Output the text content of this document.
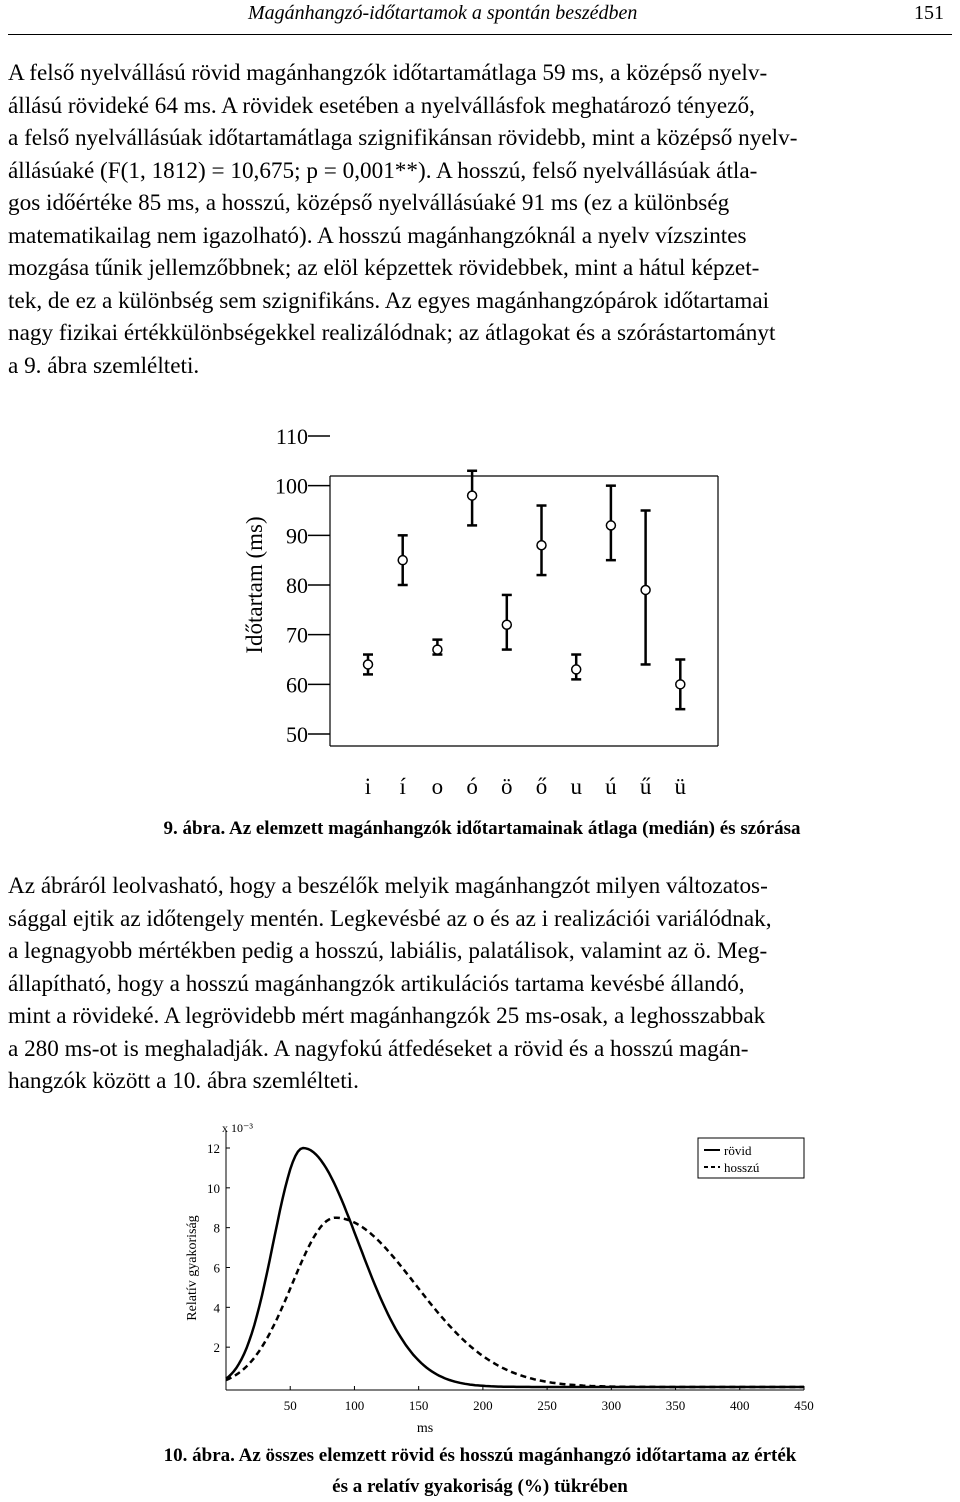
Magánhangzó-időtartamok a spontán beszédben	151
A felső nyelvállású rövid magánhangzók időtartamátlaga 59 ms, a középső nyelv-
állású rövideké 64 ms. A rövidek esetében a nyelvállásfok meghatározó tényező,
a felső nyelvállásúak időtartamátlaga szignifikánsan rövidebb, mint a középső nyelv-
állásúaké (F(1, 1812) = 10,675; p = 0,001**). A hosszú, felső nyelvállásúak átla-
gos időértéke 85 ms, a hosszú, középső nyelvállásúaké 91 ms (ez a különbség
matematikailag nem igazolható). A hosszú magánhangzóknál a nyelv vízszintes
mozgása tűnik jellemzőbbnek; az elöl képzettek rövidebbek, mint a hátul képzet-
tek, de ez a különbség sem szignifikáns. Az egyes magánhangzópárok időtartamai
nagy fizikai értékkülönbségekkel realizálódnak; az átlagokat és a szórástartományt
a 9. ábra szemlélteti.
50
60
70
80
90
100
110
i í o ó ö ő u ú ű ü
Időtartam (ms)

9. ábra. Az elemzett magánhangzók időtartamainak átlaga (medián) és szórása

Az ábráról leolvasható, hogy a beszélők melyik magánhangzót milyen változatos-
sággal ejtik az időtengely mentén. Legkevésbé az o és az i realizációi variálódnak,
a legnagyobb mértékben pedig a hosszú, labiális, palatálisok, valamint az ö. Meg-
állapítható, hogy a hosszú magánhangzók artikulációs tartama kevésbé állandó,
mint a rövideké. A legrövidebb mért magánhangzók 25 ms-osak, a leghosszabbak
a 280 ms-ot is meghaladják. A nagyfokú átfedéseket a rövid és a hosszú magán-
hangzók között a 10. ábra szemlélteti.
2
4
6
8
10
12
50	100	150	200	250	300	350	400	450
x 10⁻³
ms
Relatív gyakoriság
rövid
hosszú
10. ábra. Az összes elemzett rövid és hosszú magánhangzó időtartama az érték
és a relatív gyakoriság (%) tükrében
